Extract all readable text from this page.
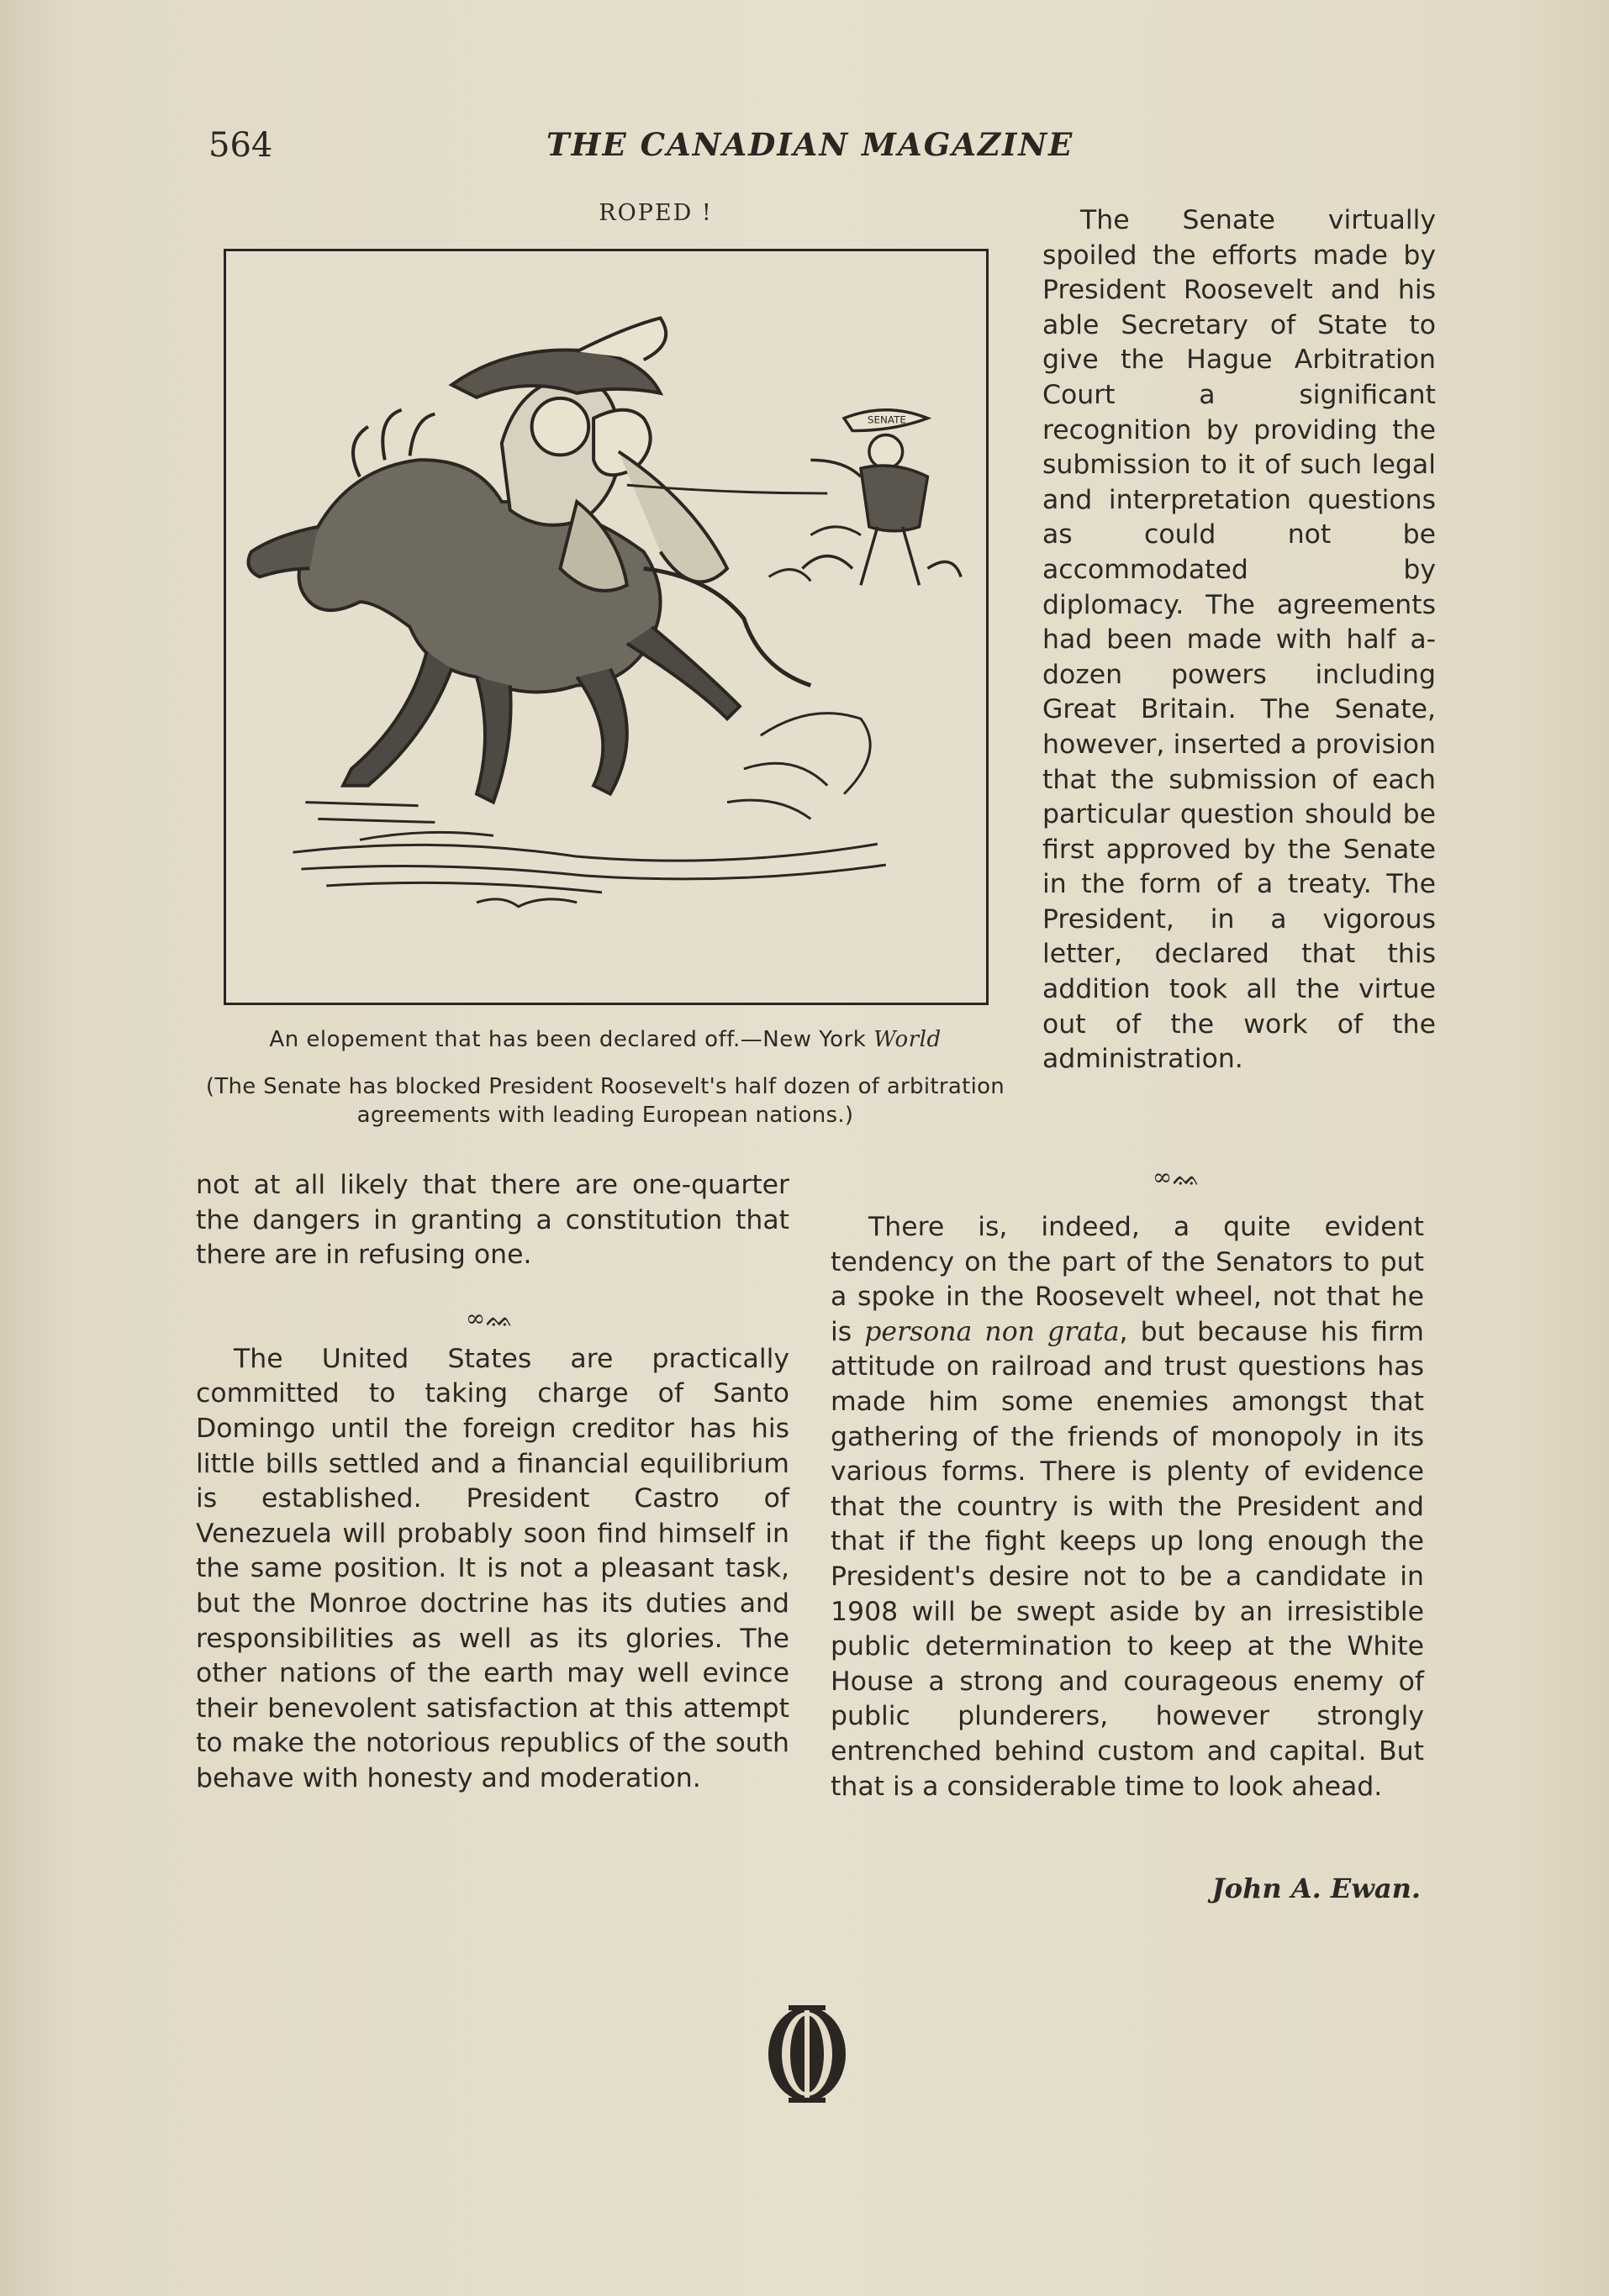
564	THE CANADIAN MAGAZINE
ROPED !
SENATE
An elopement that has been declared off.—New York World
(The Senate has blocked President Roosevelt's half dozen of arbitration agreements with leading European nations.)

The Senate virtually spoiled the efforts made by President Roosevelt and his able Secretary of State to give the Hague Arbitration Court a significant recognition by providing the submission to it of such legal and interpretation questions as could not be accommodated by diplomacy. The agreements had been made with half a-dozen powers including Great Britain. The Senate, however, inserted a provision that the submission of each particular question should be first approved by the Senate in the form of a treaty. The President, in a vigorous letter, declared that this addition took all the virtue out of the work of the administration.

∞ᨐ

not at all likely that there are one-quarter the dangers in granting a constitution that there are in refusing one.

The United States are practically committed to taking charge of Santo Domingo until the foreign creditor has his little bills settled and a financial equilibrium is established. President Castro of Venezuela will probably soon find himself in the same position. It is not a pleasant task, but the Monroe doctrine has its duties and responsibilities as well as its glories. The other nations of the earth may well evince their benevolent satisfaction at this attempt to make the notorious republics of the south behave with honesty and moderation.

∞ᨐ

There is, indeed, a quite evident tendency on the part of the Senators to put a spoke in the Roosevelt wheel, not that he is persona non grata, but because his firm attitude on railroad and trust questions has made him some enemies amongst that gathering of the friends of monopoly in its various forms. There is plenty of evidence that the country is with the President and that if the fight keeps up long enough the President's desire not to be a candidate in 1908 will be swept aside by an irresistible public determination to keep at the White House a strong and courageous enemy of public plunderers, however strongly entrenched behind custom and capital. But that is a considerable time to look ahead.

John A. Ewan.
